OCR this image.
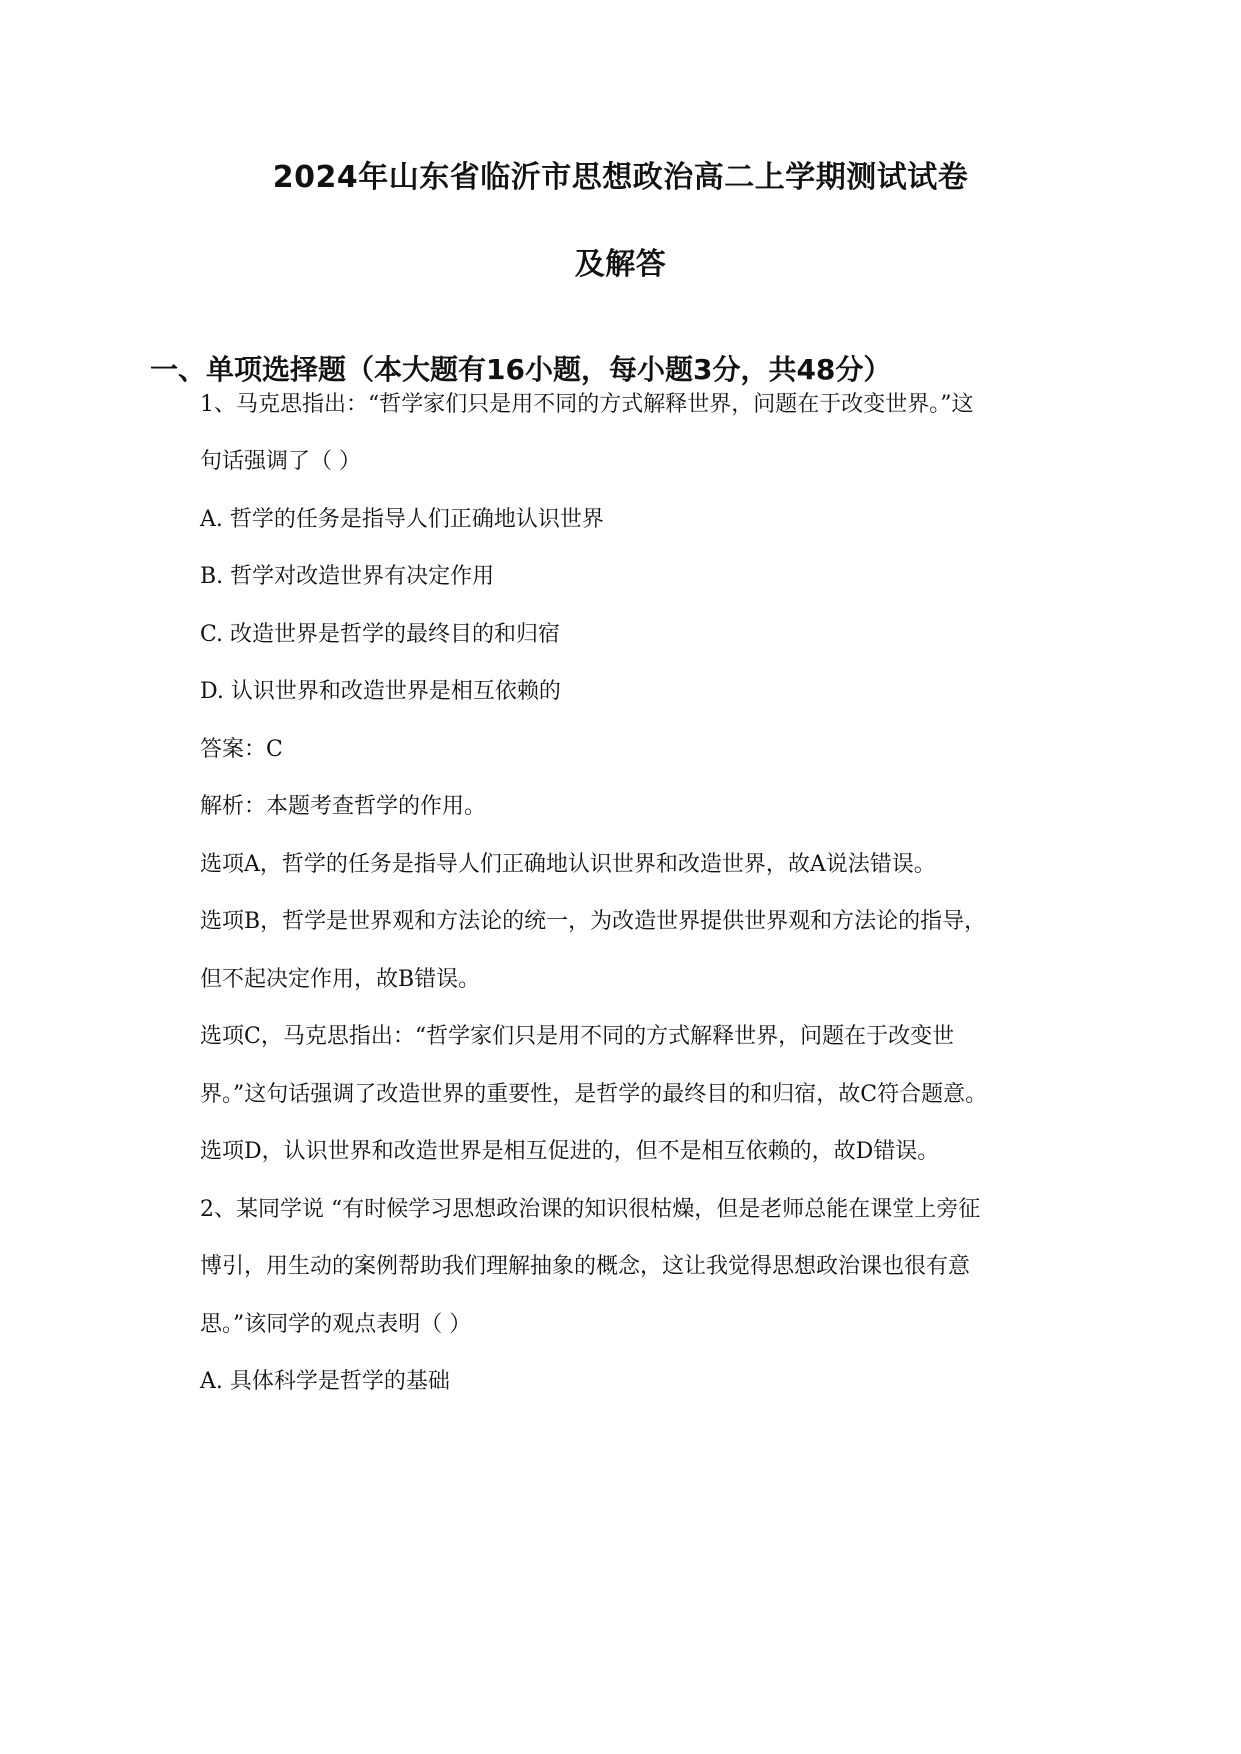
2024年山东省临沂市思想政治高二上学期测试试卷
及解答
一、单项选择题（本大题有16小题，每小题3分，共48分）
1、马克思指出：“哲学家们只是用不同的方式解释世界，问题在于改变世界。”这
句话强调了（ ）
A. 哲学的任务是指导人们正确地认识世界
B. 哲学对改造世界有决定作用
C. 改造世界是哲学的最终目的和归宿
D. 认识世界和改造世界是相互依赖的
答案：C
解析：本题考查哲学的作用。
选项A，哲学的任务是指导人们正确地认识世界和改造世界，故A说法错误。
选项B，哲学是世界观和方法论的统一，为改造世界提供世界观和方法论的指导，
但不起决定作用，故B错误。
选项C，马克思指出：“哲学家们只是用不同的方式解释世界，问题在于改变世
界。”这句话强调了改造世界的重要性，是哲学的最终目的和归宿，故C符合题意。
选项D，认识世界和改造世界是相互促进的，但不是相互依赖的，故D错误。
2、某同学说 “有时候学习思想政治课的知识很枯燥，但是老师总能在课堂上旁征
博引，用生动的案例帮助我们理解抽象的概念，这让我觉得思想政治课也很有意
思。”该同学的观点表明（ ）
A. 具体科学是哲学的基础
